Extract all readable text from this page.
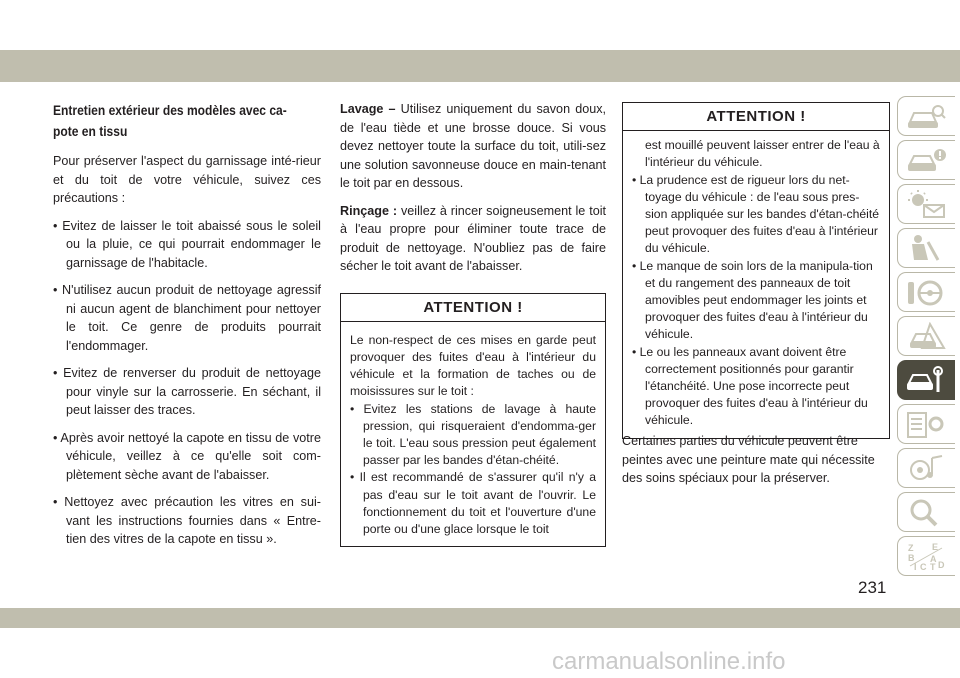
Entretien extérieur des modèles avec ca-
pote en tissu

Pour préserver l'aspect du garnissage inté-rieur et du toit de votre véhicule, suivez ces précautions :

• Evitez de laisser le toit abaissé sous le soleil ou la pluie, ce qui pourrait endommager le garnissage de l'habitacle.
• N'utilisez aucun produit de nettoyage agressif ni aucun agent de blanchiment pour nettoyer le toit. Ce genre de produits pourrait l'endommager.
• Evitez de renverser du produit de nettoyage pour vinyle sur la carrosserie. En séchant, il peut laisser des traces.
• Après avoir nettoyé la capote en tissu de votre véhicule, veillez à ce qu'elle soit com-plètement sèche avant de l'abaisser.
• Nettoyez avec précaution les vitres en sui-vant les instructions fournies dans « Entre-tien des vitres de la capote en tissu ».

Lavage – Utilisez uniquement du savon doux, de l'eau tiède et une brosse douce. Si vous devez nettoyer toute la surface du toit, utili-sez une solution savonneuse douce en main-tenant le toit par en dessous.

Rinçage : veillez à rincer soigneusement le toit à l'eau propre pour éliminer toute trace de produit de nettoyage. N'oubliez pas de faire sécher le toit avant de l'abaisser.

ATTENTION !

Le non-respect de ces mises en garde peut provoquer des fuites d'eau à l'intérieur du véhicule et la formation de taches ou de moisissures sur le toit :

• Evitez les stations de lavage à haute pression, qui risqueraient d'endomma-ger le toit. L'eau sous pression peut également passer par les bandes d'étan-chéité.
• Il est recommandé de s'assurer qu'il n'y a pas d'eau sur le toit avant de l'ouvrir. Le fonctionnement du toit et l'ouverture d'une porte ou d'une glace lorsque le toit
ATTENTION !

est mouillé peuvent laisser entrer de l'eau à l'intérieur du véhicule.

• La prudence est de rigueur lors du net-toyage du véhicule : de l'eau sous pres-sion appliquée sur les bandes d'étan-chéité peut provoquer des fuites d'eau à l'intérieur du véhicule.
• Le manque de soin lors de la manipula-tion et du rangement des panneaux de toit amovibles peut endommager les joints et provoquer des fuites d'eau à l'intérieur du véhicule.
• Le ou les panneaux avant doivent être correctement positionnés pour garantir l'étanchéité. Une pose incorrecte peut provoquer des fuites d'eau à l'intérieur du véhicule.
Certaines parties du véhicule peuvent être peintes avec une peinture mate qui nécessite des soins spéciaux pour la préserver.
Z E
B A
I C T D
231
carmanualsonline.info
